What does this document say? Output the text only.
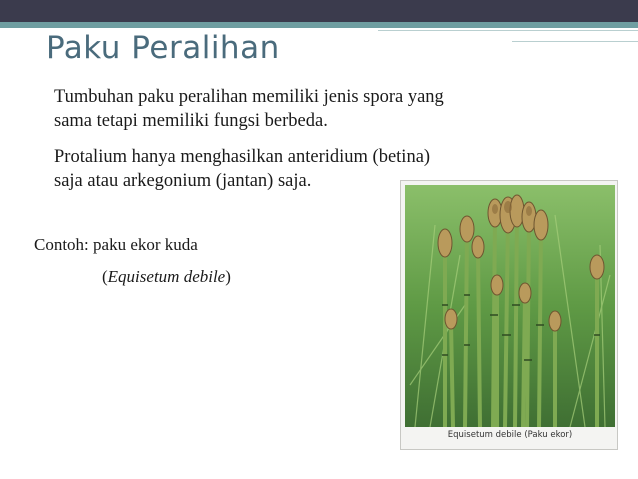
Paku Peralihan
Tumbuhan paku peralihan memiliki jenis spora yang
sama tetapi memiliki fungsi berbeda.
Protalium hanya menghasilkan anteridium (betina)
saja atau arkegonium (jantan) saja.
Contoh: paku ekor kuda
(Equisetum debile)
Equisetum debile (Paku ekor)
